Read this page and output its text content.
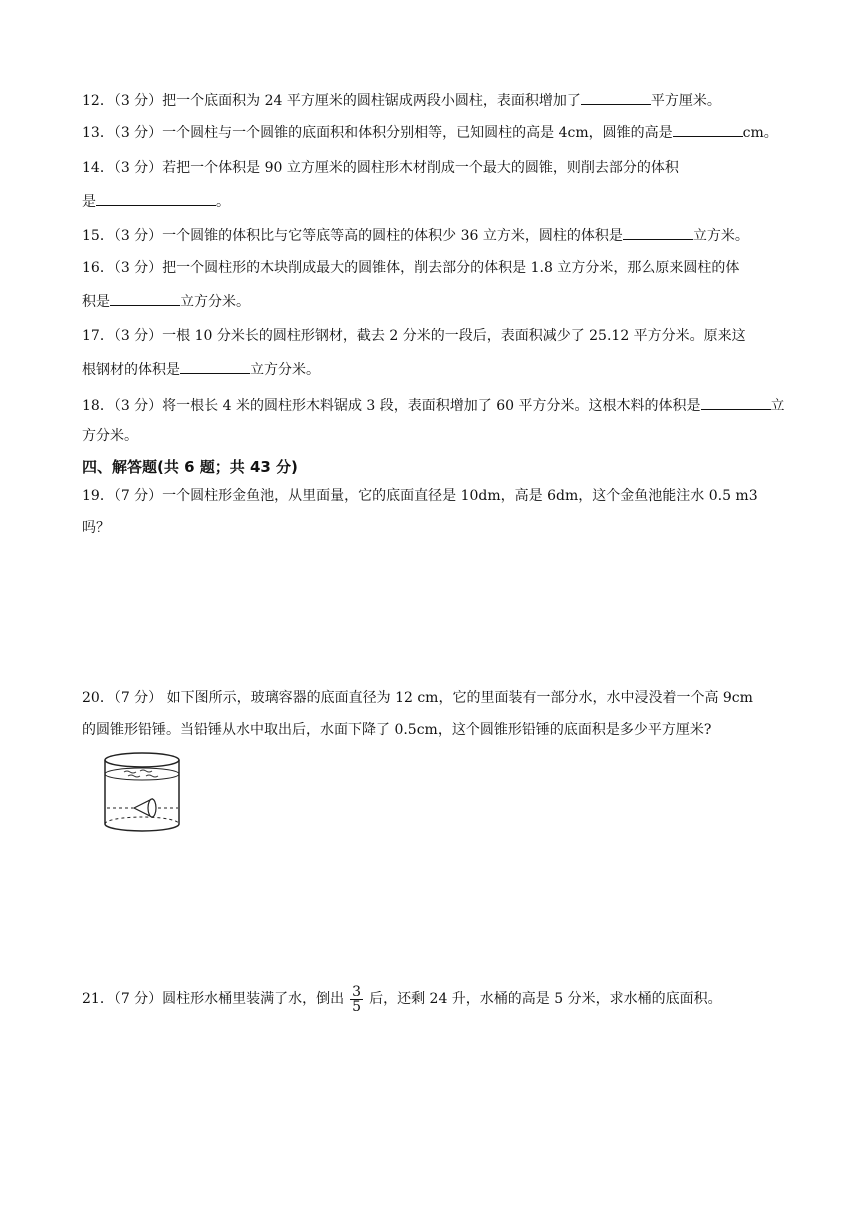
12．（3 分）把一个底面积为 24 平方厘米的圆柱锯成两段小圆柱，表面积增加了	平方厘米。
13．（3 分）一个圆柱与一个圆锥的底面积和体积分别相等，已知圆柱的高是 4cm，圆锥的高是	cm。
14．（3 分）若把一个体积是 90 立方厘米的圆柱形木材削成一个最大的圆锥，则削去部分的体积
是	。
15．（3 分）一个圆锥的体积比与它等底等高的圆柱的体积少 36 立方米，圆柱的体积是	立方米。
16．（3 分）把一个圆柱形的木块削成最大的圆锥体，削去部分的体积是 1.8 立方分米，那么原来圆柱的体
积是	立方分米。
17．（3 分）一根 10 分米长的圆柱形钢材，截去 2 分米的一段后，表面积减少了 25.12 平方分米。原来这
根钢材的体积是	立方分米。
18．（3 分）将一根长 4 米的圆柱形木料锯成 3 段，表面积增加了 60 平方分米。这根木料的体积是	立
方分米。
四、解答题(共 6 题；共 43 分)
19．（7 分）一个圆柱形金鱼池，从里面量，它的底面直径是 10dm，高是 6dm，这个金鱼池能注水 0.5 m3
吗？
20．（7 分） 如下图所示，玻璃容器的底面直径为 12 cm，它的里面装有一部分水，水中浸没着一个高 9cm
的圆锥形铅锤。当铅锤从水中取出后，水面下降了 0.5cm，这个圆锥形铅锤的底面积是多少平方厘米?
21．（7 分）圆柱形水桶里装满了水，倒出 $\frac{3}{5}$ 后，还剩 24 升，水桶的高是 5 分米，求水桶的底面积。
